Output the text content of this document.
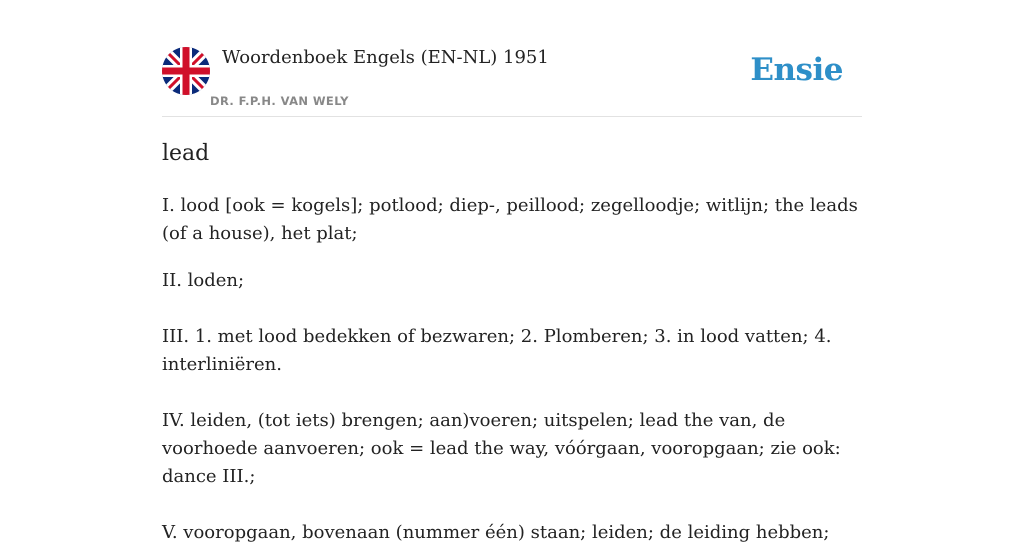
Woordenboek Engels (EN-NL) 1951
DR. F.P.H. VAN WELY
Ensie
lead

I. lood [ook = kogels]; potlood; diep-, peillood; zegelloodje; witlijn; the leads (of a house), het plat;

II. loden;

III. 1. met lood bedekken of bezwaren; 2. Plomberen; 3. in lood vatten; 4. interliniëren.

IV. leiden, (tot iets) brengen; aan)voeren; uitspelen; lead the van, de voorhoede aanvoeren; ook = lead the way, vóórgaan, vooropgaan; zie ook: dance III.;

V. vooropgaan, bovenaan (nummer één) staan; leiden; de leiding hebben;
